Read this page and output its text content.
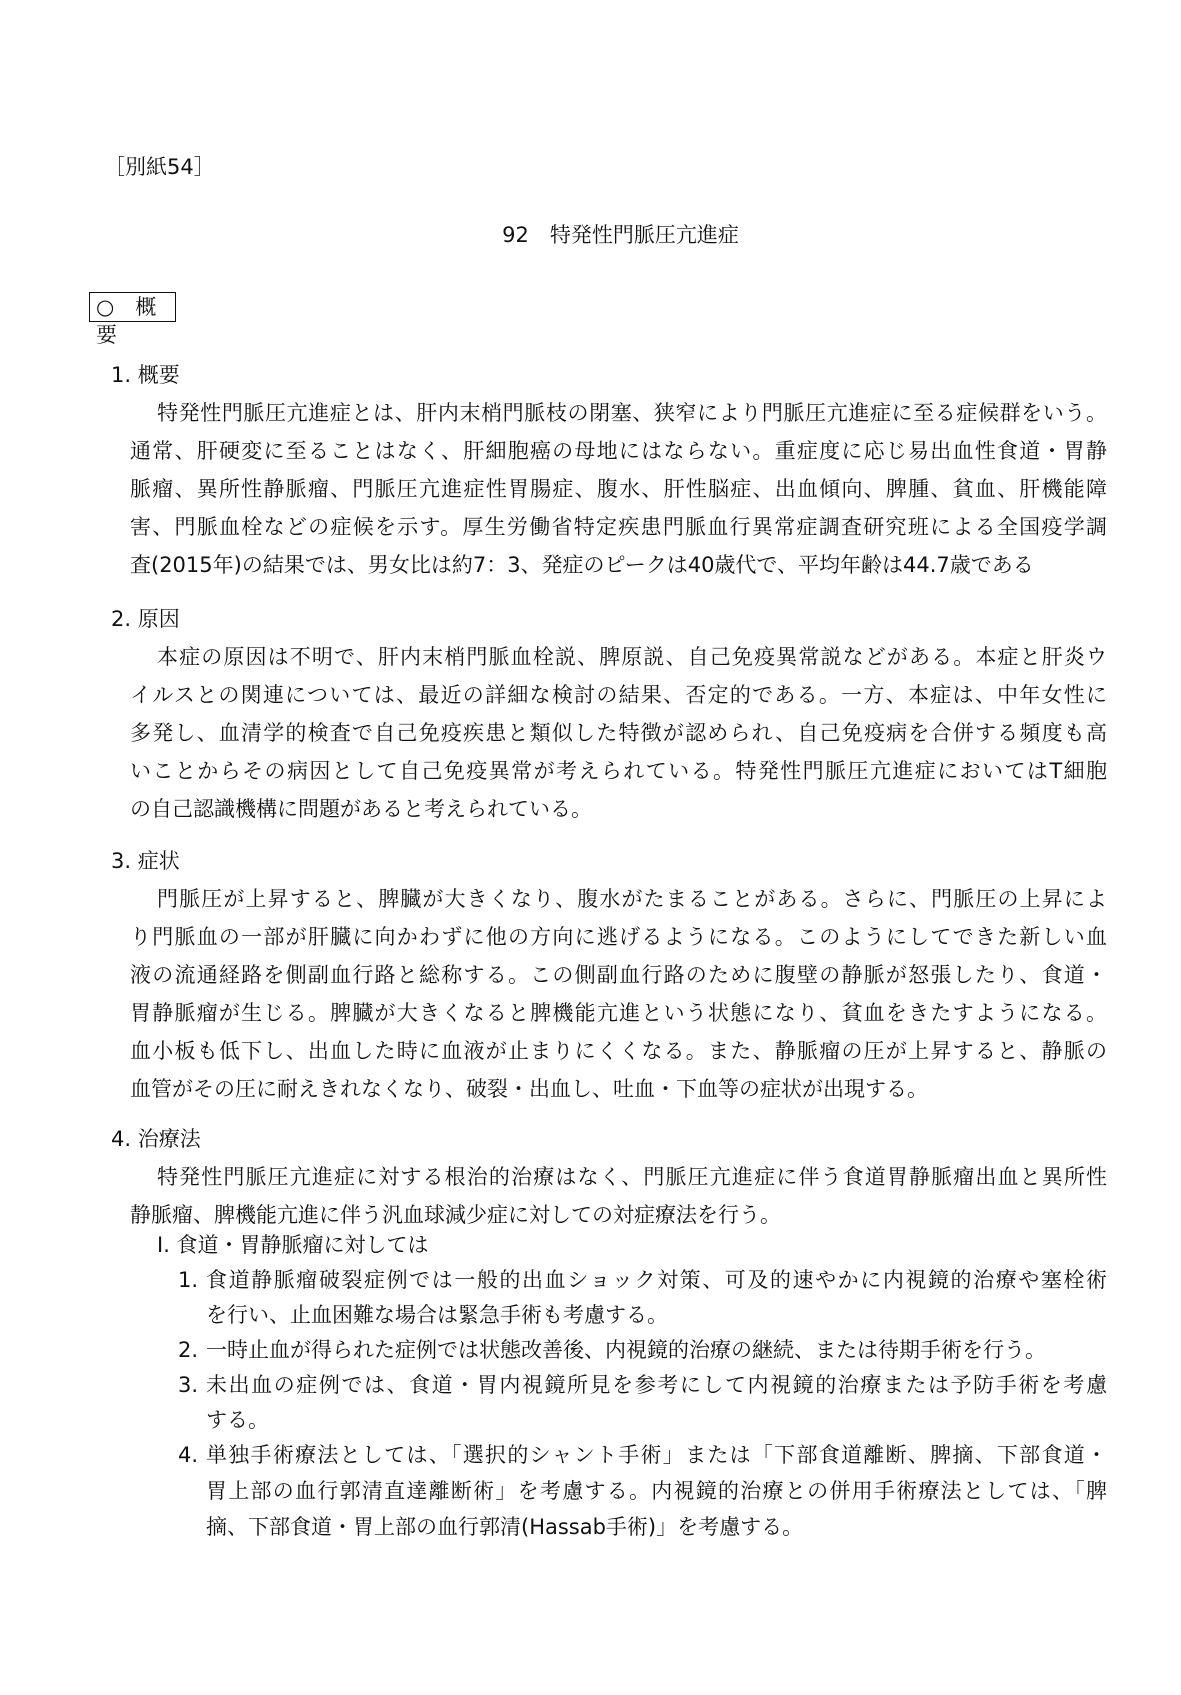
［別紙54］
92　特発性門脈圧亢進症
○　概要
1. 概要
特発性門脈圧亢進症とは、肝内末梢門脈枝の閉塞、狭窄により門脈圧亢進症に至る症候群をいう。
通常、肝硬変に至ることはなく、肝細胞癌の母地にはならない。重症度に応じ易出血性食道・胃静
脈瘤、異所性静脈瘤、門脈圧亢進症性胃腸症、腹水、肝性脳症、出血傾向、脾腫、貧血、肝機能障
害、門脈血栓などの症候を示す。厚生労働省特定疾患門脈血行異常症調査研究班による全国疫学調
査(2015年)の結果では、男女比は約7：3、発症のピークは40歳代で、平均年齢は44.7歳である
2. 原因
本症の原因は不明で、肝内末梢門脈血栓説、脾原説、自己免疫異常説などがある。本症と肝炎ウ
イルスとの関連については、最近の詳細な検討の結果、否定的である。一方、本症は、中年女性に
多発し、血清学的検査で自己免疫疾患と類似した特徴が認められ、自己免疫病を合併する頻度も高
いことからその病因として自己免疫異常が考えられている。特発性門脈圧亢進症においてはT細胞
の自己認識機構に問題があると考えられている。
3. 症状
門脈圧が上昇すると、脾臓が大きくなり、腹水がたまることがある。さらに、門脈圧の上昇によ
り門脈血の一部が肝臓に向かわずに他の方向に逃げるようになる。このようにしてできた新しい血
液の流通経路を側副血行路と総称する。この側副血行路のために腹壁の静脈が怒張したり、食道・
胃静脈瘤が生じる。脾臓が大きくなると脾機能亢進という状態になり、貧血をきたすようになる。
血小板も低下し、出血した時に血液が止まりにくくなる。また、静脈瘤の圧が上昇すると、静脈の
血管がその圧に耐えきれなくなり、破裂・出血し、吐血・下血等の症状が出現する。
4. 治療法
特発性門脈圧亢進症に対する根治的治療はなく、門脈圧亢進症に伴う食道胃静脈瘤出血と異所性
静脈瘤、脾機能亢進に伴う汎血球減少症に対しての対症療法を行う。
Ⅰ. 食道・胃静脈瘤に対しては
1. 食道静脈瘤破裂症例では一般的出血ショック対策、可及的速やかに内視鏡的治療や塞栓術
を行い、止血困難な場合は緊急手術も考慮する。
2. 一時止血が得られた症例では状態改善後、内視鏡的治療の継続、または待期手術を行う。
3. 未出血の症例では、食道・胃内視鏡所見を参考にして内視鏡的治療または予防手術を考慮
する。
4. 単独手術療法としては、「選択的シャント手術」または「下部食道離断、脾摘、下部食道・
胃上部の血行郭清直達離断術」を考慮する。内視鏡的治療との併用手術療法としては、「脾
摘、下部食道・胃上部の血行郭清(Hassab手術)」を考慮する。
